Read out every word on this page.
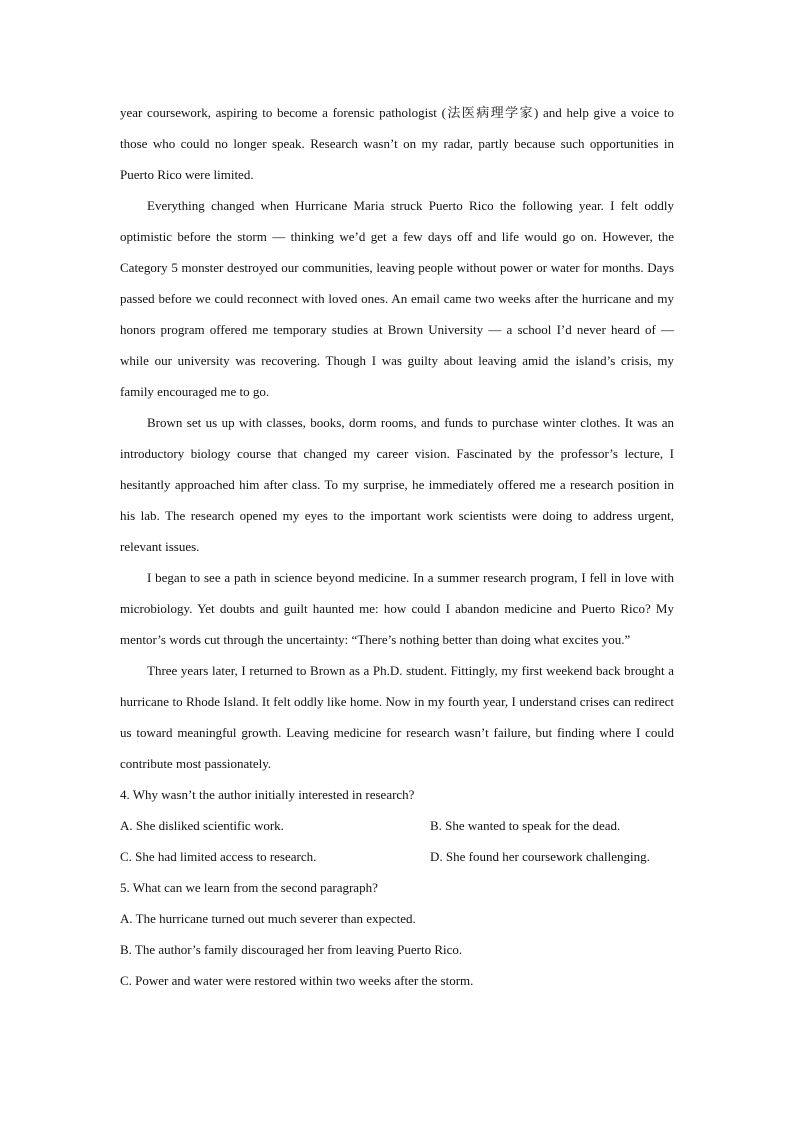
year coursework, aspiring to become a forensic pathologist (法医病理学家) and help give a voice to those who could no longer speak. Research wasn’t on my radar, partly because such opportunities in Puerto Rico were limited.

Everything changed when Hurricane Maria struck Puerto Rico the following year. I felt oddly optimistic before the storm — thinking we’d get a few days off and life would go on. However, the Category 5 monster destroyed our communities, leaving people without power or water for months. Days passed before we could reconnect with loved ones. An email came two weeks after the hurricane and my honors program offered me temporary studies at Brown University — a school I’d never heard of — while our university was recovering. Though I was guilty about leaving amid the island’s crisis, my family encouraged me to go.

Brown set us up with classes, books, dorm rooms, and funds to purchase winter clothes. It was an introductory biology course that changed my career vision. Fascinated by the professor’s lecture, I hesitantly approached him after class. To my surprise, he immediately offered me a research position in his lab. The research opened my eyes to the important work scientists were doing to address urgent, relevant issues.

I began to see a path in science beyond medicine. In a summer research program, I fell in love with microbiology. Yet doubts and guilt haunted me: how could I abandon medicine and Puerto Rico? My mentor’s words cut through the uncertainty: “There’s nothing better than doing what excites you.”

Three years later, I returned to Brown as a Ph.D. student. Fittingly, my first weekend back brought a hurricane to Rhode Island. It felt oddly like home. Now in my fourth year, I understand crises can redirect us toward meaningful growth. Leaving medicine for research wasn’t failure, but finding where I could contribute most passionately.

4. Why wasn’t the author initially interested in research?

A. She disliked scientific work.	B. She wanted to speak for the dead.

C. She had limited access to research.	D. She found her coursework challenging.

5. What can we learn from the second paragraph?

A. The hurricane turned out much severer than expected.

B. The author’s family discouraged her from leaving Puerto Rico.

C. Power and water were restored within two weeks after the storm.
